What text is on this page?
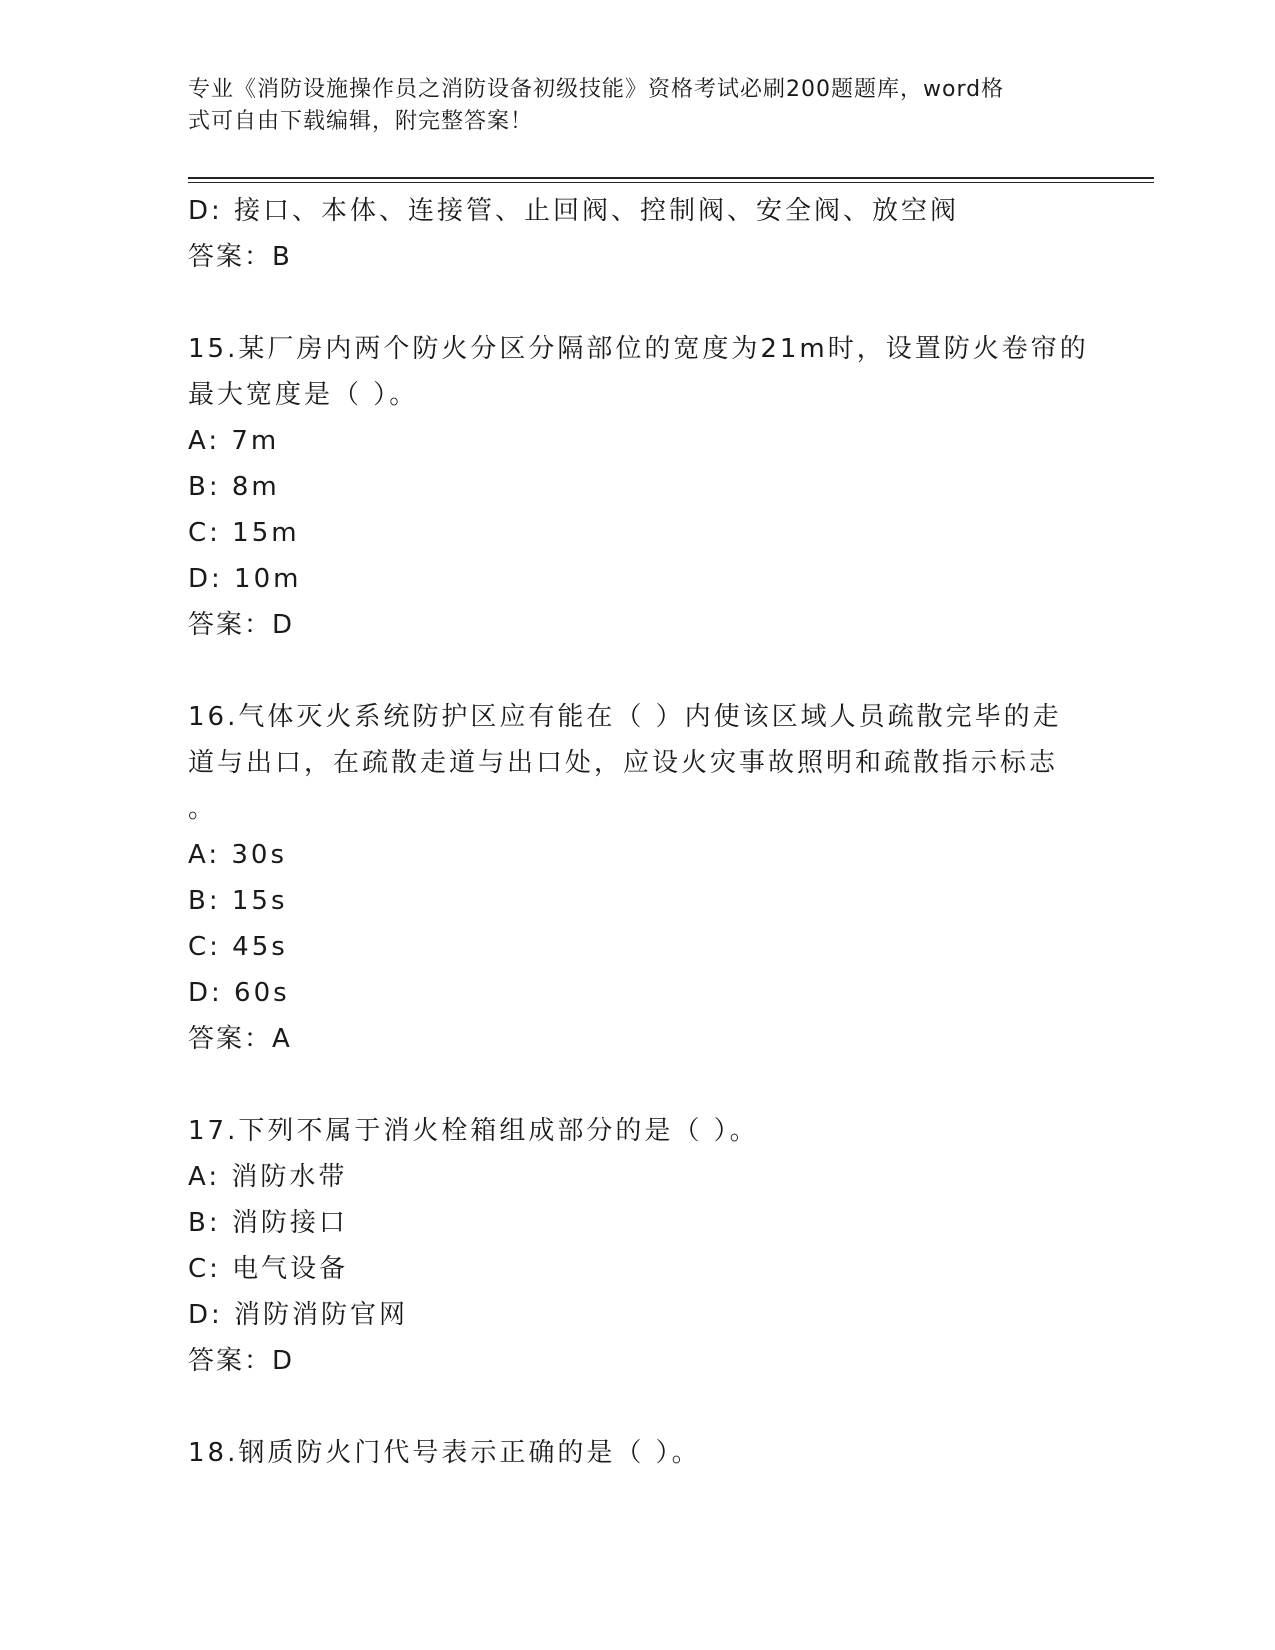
专业《消防设施操作员之消防设备初级技能》资格考试必刷200题题库，word格
式可自由下载编辑，附完整答案！
D: 接口、本体、连接管、止回阀、控制阀、安全阀、放空阀
答案：B
15.某厂房内两个防火分区分隔部位的宽度为21m时，设置防火卷帘的
最大宽度是（ ）。
A: 7m
B: 8m
C: 15m
D: 10m
答案：D
16.气体灭火系统防护区应有能在（ ）内使该区域人员疏散完毕的走
道与出口，在疏散走道与出口处，应设火灾事故照明和疏散指示标志
。
A: 30s
B: 15s
C: 45s
D: 60s
答案：A
17.下列不属于消火栓箱组成部分的是（ ）。
A: 消防水带
B: 消防接口
C: 电气设备
D: 消防消防官网
答案：D
18.钢质防火门代号表示正确的是（ ）。
